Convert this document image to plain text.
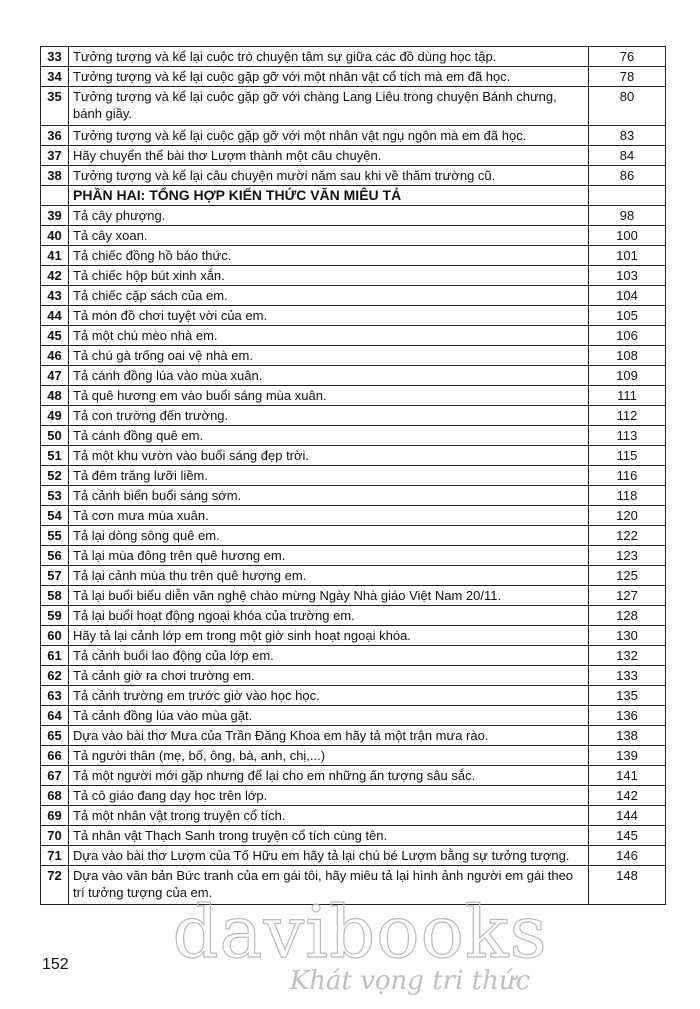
33	Tưởng tượng và kể lại cuộc trò chuyện tâm sự giữa các đồ dùng học tập.	76
34	Tưởng tượng và kể lại cuộc gặp gỡ với một nhân vật cổ tích mà em đã học.	78
35	Tưởng tượng và kể lại cuộc gặp gỡ với chàng Lang Liêu trong chuyện Bánh chưng, bánh giầy.	80
36	Tưởng tượng và kể lại cuộc gặp gỡ với một nhân vật ngụ ngôn mà em đã học.	83
37	Hãy chuyển thể bài thơ Lượm thành một câu chuyện.	84
38	Tưởng tượng và kể lại câu chuyện mười năm sau khi về thăm trường cũ.	86
	PHẦN HAI: TỔNG HỢP KIẾN THỨC VĂN MIÊU TẢ	
39	Tả cây phượng.	98
40	Tả cây xoan.	100
41	Tả chiếc đồng hồ báo thức.	101
42	Tả chiếc hộp bút xinh xắn.	103
43	Tả chiếc cặp sách của em.	104
44	Tả món đồ chơi tuyệt vời của em.	105
45	Tả một chú mèo nhà em.	106
46	Tả chú gà trống oai vệ nhà em.	108
47	Tả cánh đồng lúa vào mùa xuân.	109
48	Tả quê hương em vào buổi sáng mùa xuân.	111
49	Tả con trường đến trường.	112
50	Tả cánh đồng quê em.	113
51	Tả một khu vườn vào buổi sáng đẹp trời.	115
52	Tả đêm trăng lưỡi liềm.	116
53	Tả cảnh biển buổi sáng sớm.	118
54	Tả cơn mưa mùa xuân.	120
55	Tả lại dòng sông quê em.	122
56	Tả lại mùa đông trên quê hương em.	123
57	Tả lại cảnh mùa thu trên quê hương em.	125
58	Tả lại buổi biểu diễn văn nghệ chào mừng Ngày Nhà giáo Việt Nam 20/11.	127
59	Tả lại buổi hoạt động ngoại khóa của trường em.	128
60	Hãy tả lại cảnh lớp em trong một giờ sinh hoạt ngoại khóa.	130
61	Tả cảnh buổi lao động của lớp em.	132
62	Tả cảnh giờ ra chơi trường em.	133
63	Tả cảnh trường em trước giờ vào học học.	135
64	Tả cảnh đồng lúa vào mùa gặt.	136
65	Dựa vào bài thơ Mưa của Trần Đăng Khoa em hãy tả một trận mưa rào.	138
66	Tả người thân (mẹ, bố, ông, bà, anh, chị,...)	139
67	Tả một người mới gặp nhưng để lại cho em những ấn tượng sâu sắc.	141
68	Tả cô giáo đang dạy học trên lớp.	142
69	Tả một nhân vật trong truyện cổ tích.	144
70	Tả nhân vật Thạch Sanh trong truyện cổ tích cùng tên.	145
71	Dựa vào bài thơ Lượm của Tố Hữu em hãy tả lại chú bé Lượm bằng sự tưởng tượng.	146
72	Dựa vào văn bản Bức tranh của em gái tôi, hãy miêu tả lại hình ảnh người em gái theo trí tưởng tượng của em.	148
152	davibooks
Khát vọng tri thức
